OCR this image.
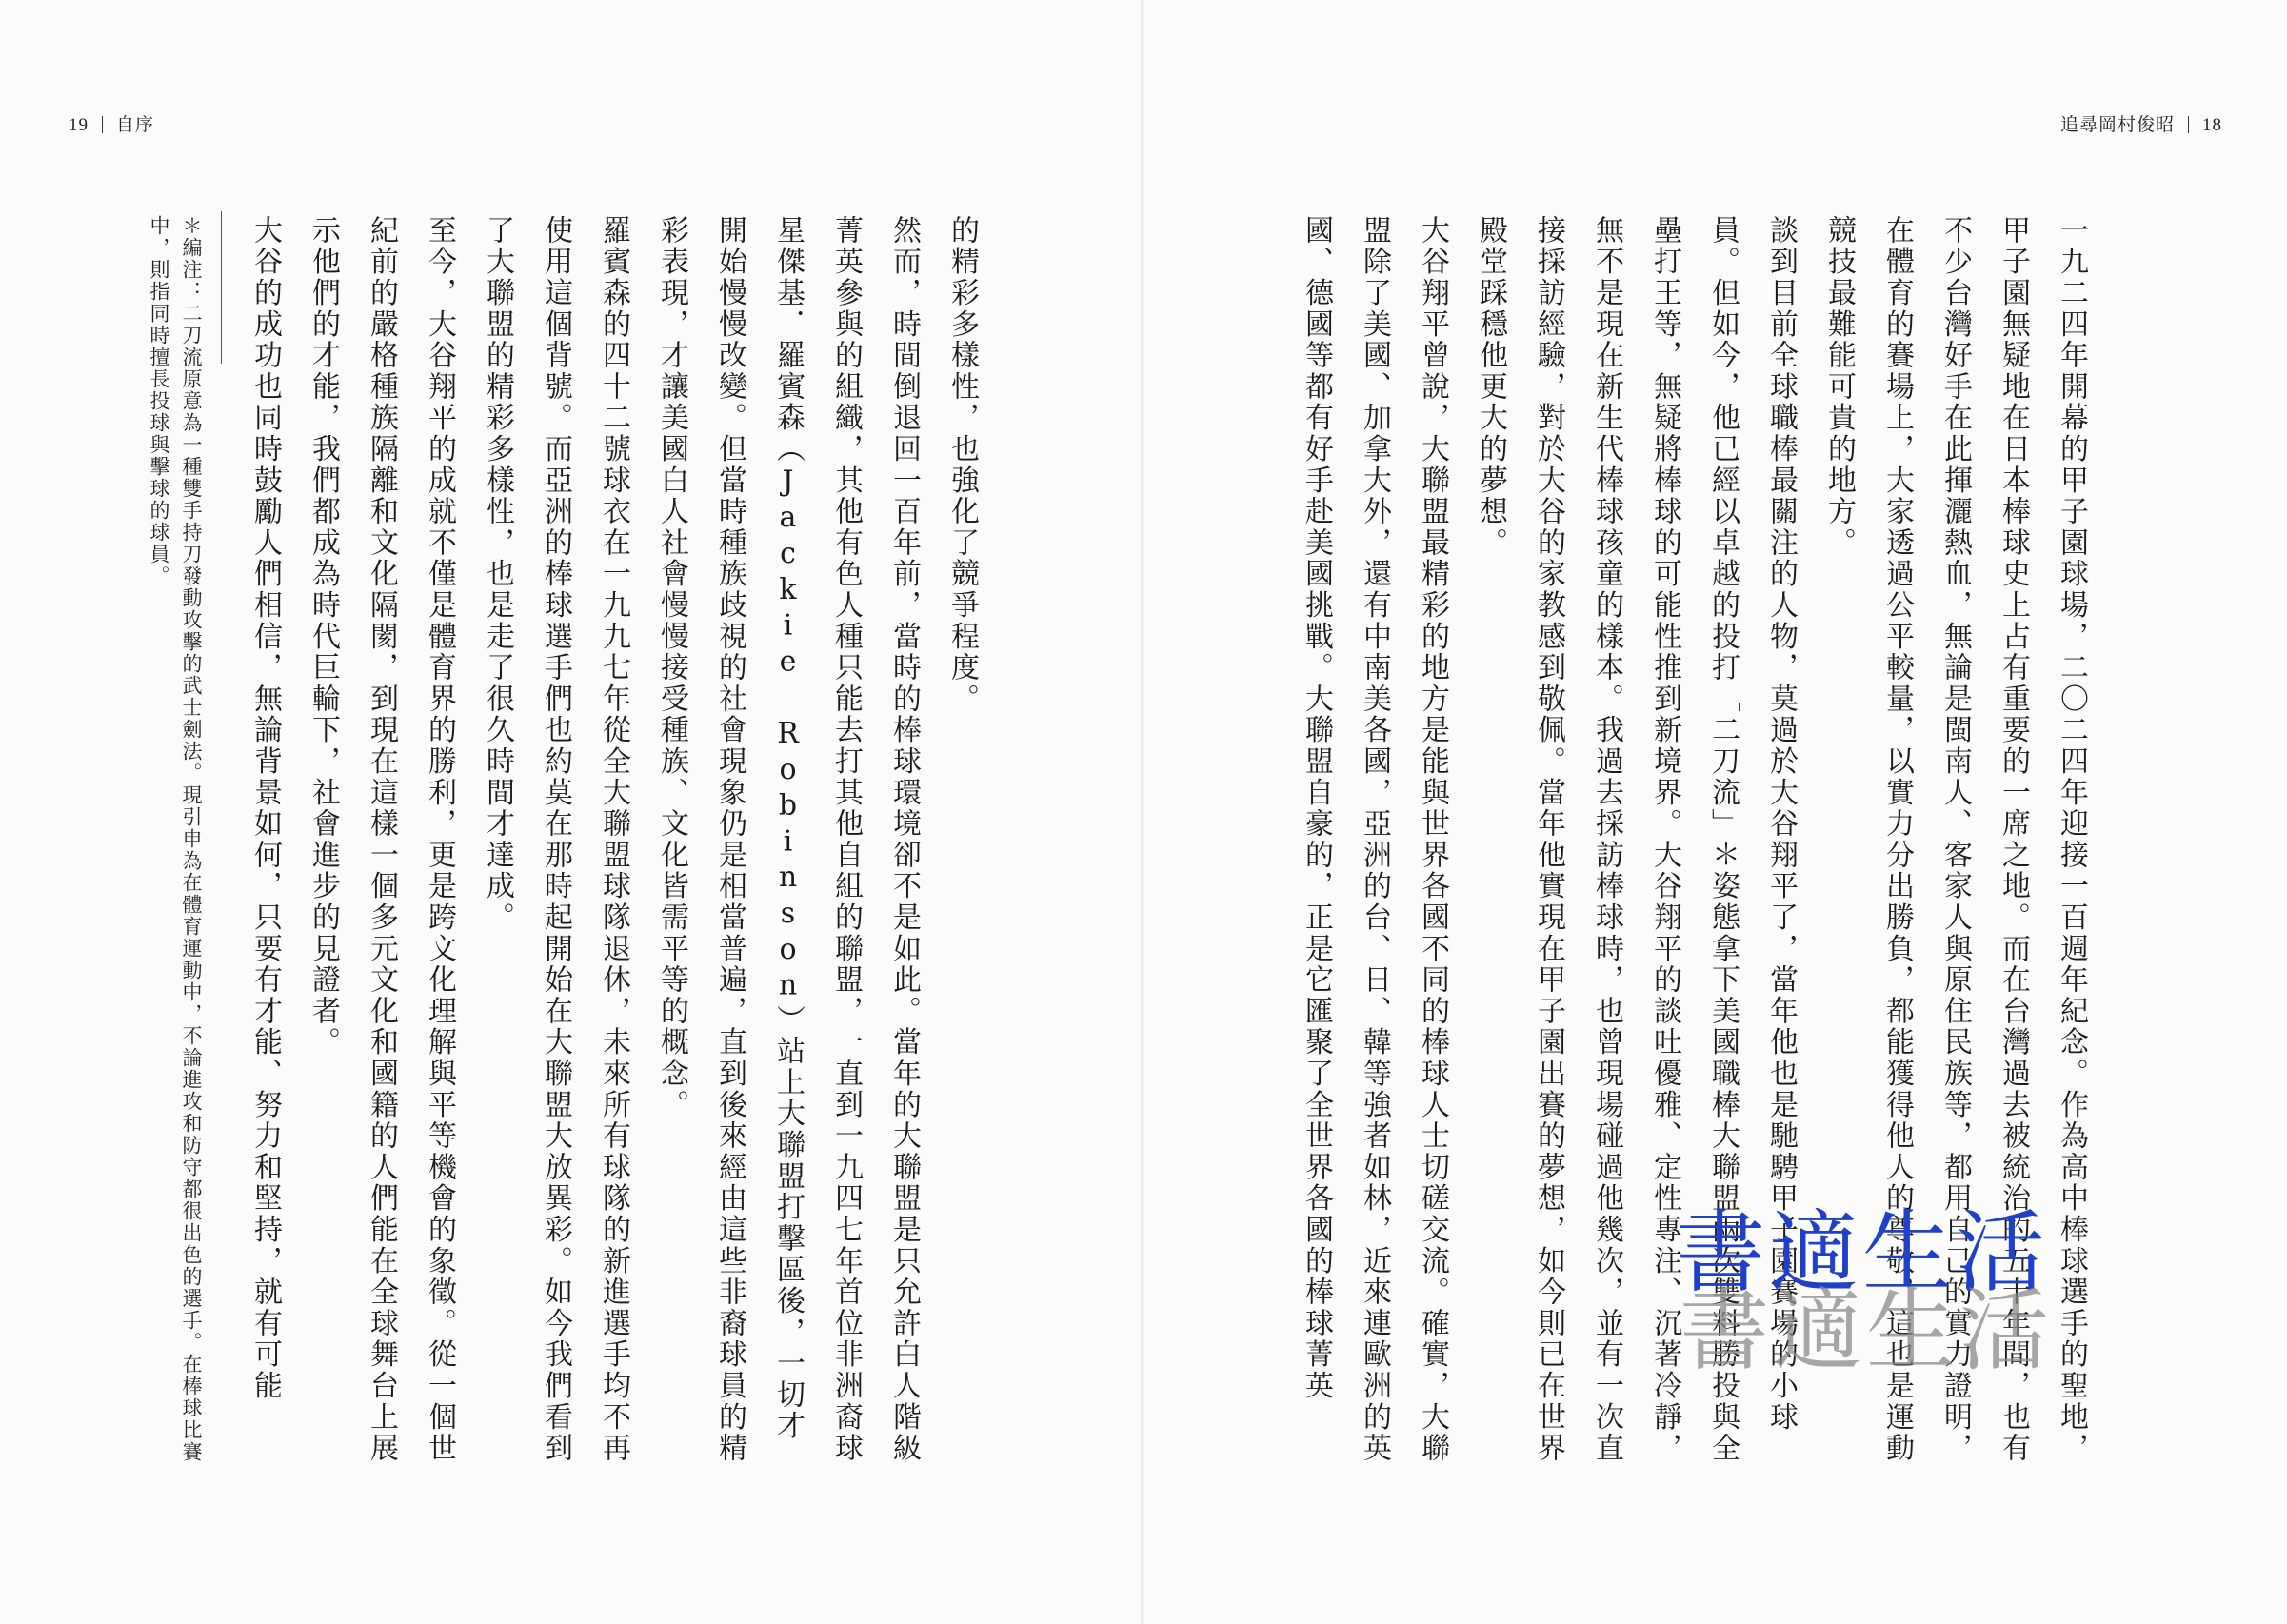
19 自序

的精彩多樣性，也強化了競爭程度。

然而，時間倒退回一百年前，當時的棒球環境卻不是如此。當年的大聯盟是只允許白人階級菁英參與的組織，其他有色人種只能去打其他自組的聯盟，一直到一九四七年首位非洲裔球星傑基．羅賓森（Jackie Robinson）站上大聯盟打擊區後，一切才開始慢慢改變。但當時種族歧視的社會現象仍是相當普遍，直到後來經由這些非裔球員的精彩表現，才讓美國白人社會慢慢接受種族、文化皆需平等的概念。

羅賓森的四十二號球衣在一九九七年從全大聯盟球隊退休，未來所有球隊的新進選手均不再使用這個背號。而亞洲的棒球選手們也約莫在那時起開始在大聯盟大放異彩。如今我們看到了大聯盟的精彩多樣性，也是走了很久時間才達成。

至今，大谷翔平的成就不僅是體育界的勝利，更是跨文化理解與平等機會的象徵。從一個世紀前的嚴格種族隔離和文化隔閡，到現在這樣一個多元文化和國籍的人們能在全球舞台上展示他們的才能，我們都成為時代巨輪下，社會進步的見證者。

大谷的成功也同時鼓勵人們相信，無論背景如何，只要有才能、努力和堅持，就有可能

＊編注：二刀流原意為一種雙手持刀發動攻擊的武士劍法。現引申為在體育運動中，不論進攻和防守都很出色的選手。在棒球比賽中，則指同時擅長投球與擊球的球員。
追尋岡村俊昭 18

一九二四年開幕的甲子園球場，二〇二四年迎接一百週年紀念。作為高中棒球選手的聖地，甲子園無疑地在日本棒球史上占有重要的一席之地。而在台灣過去被統治的五十年間，也有不少台灣好手在此揮灑熱血，無論是閩南人、客家人與原住民族等，都用自己的實力證明，在體育的賽場上，大家透過公平較量，以實力分出勝負，都能獲得他人的尊敬，這也是運動競技最難能可貴的地方。

談到目前全球職棒最關注的人物，莫過於大谷翔平了，當年他也是馳騁甲子園賽場的小球員。但如今，他已經以卓越的投打「二刀流」＊姿態拿下美國職棒大聯盟兩次雙料勝投與全壘打王等，無疑將棒球的可能性推到新境界。大谷翔平的談吐優雅、定性專注、沉著冷靜，無不是現在新生代棒球孩童的樣本。我過去採訪棒球時，也曾現場碰過他幾次，並有一次直接採訪經驗，對於大谷的家教感到敬佩。當年他實現在甲子園出賽的夢想，如今則已在世界殿堂踩穩他更大的夢想。

大谷翔平曾說，大聯盟最精彩的地方是能與世界各國不同的棒球人士切磋交流。確實，大聯盟除了美國、加拿大外，還有中南美各國，亞洲的台、日、韓等強者如林，近來連歐洲的英國、德國等都有好手赴美國挑戰。大聯盟自豪的，正是它匯聚了全世界各國的棒球菁英	書適生活
書適生活
